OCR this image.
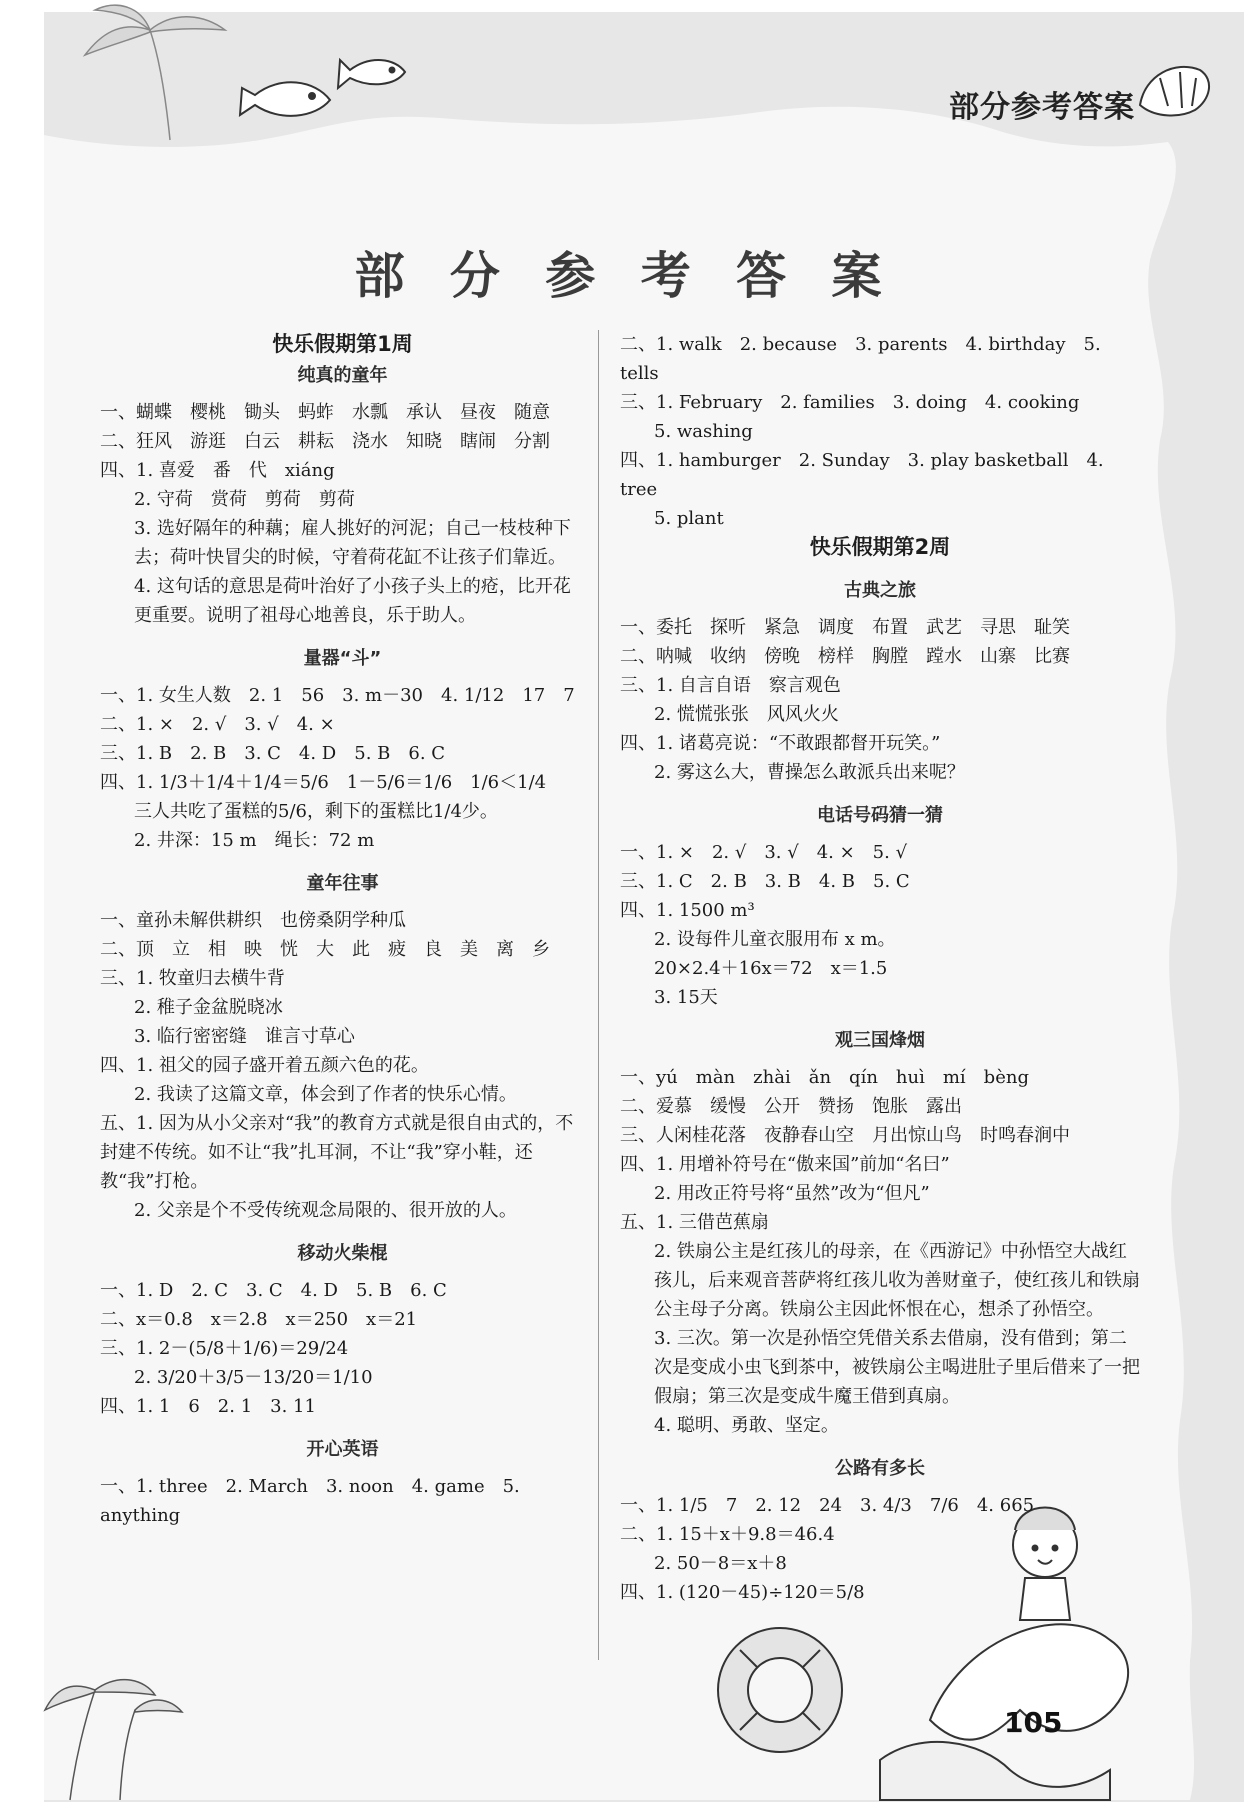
部分参考答案
部 分 参 考 答 案
快乐假期第1周
纯真的童年
一、蝴蝶　樱桃　锄头　蚂蚱　水瓢　承认　昼夜　随意
二、狂风　游逛　白云　耕耘　浇水　知晓　瞎闹　分割
四、1. 喜爱　番　代　xiáng
2. 守荷　赏荷　剪荷　剪荷
3. 选好隔年的种藕；雇人挑好的河泥；自己一枝枝种下去；荷叶快冒尖的时候，守着荷花缸不让孩子们靠近。
4. 这句话的意思是荷叶治好了小孩子头上的疮，比开花更重要。说明了祖母心地善良，乐于助人。
量器“斗”
一、1. 女生人数　2. 1　56　3. m－30　4. 1/12　17　7
二、1. ×　2. √　3. √　4. ×
三、1. B　2. B　3. C　4. D　5. B　6. C
四、1. 1/3＋1/4＋1/4＝5/6　1－5/6＝1/6　1/6＜1/4
三人共吃了蛋糕的5/6，剩下的蛋糕比1/4少。
2. 井深：15 m　绳长：72 m
童年往事
一、童孙未解供耕织　也傍桑阴学种瓜
二、顶　立　相　映　恍　大　此　疲　良　美　离　乡
三、1. 牧童归去横牛背
2. 稚子金盆脱晓冰
3. 临行密密缝　谁言寸草心
四、1. 祖父的园子盛开着五颜六色的花。
2. 我读了这篇文章，体会到了作者的快乐心情。
五、1. 因为从小父亲对“我”的教育方式就是很自由式的，不封建不传统。如不让“我”扎耳洞，不让“我”穿小鞋，还教“我”打枪。
2. 父亲是个不受传统观念局限的、很开放的人。
移动火柴棍
一、1. D　2. C　3. C　4. D　5. B　6. C
二、x＝0.8　x＝2.8　x＝250　x＝21
三、1. 2－(5/8＋1/6)＝29/24
2. 3/20＋3/5－13/20＝1/10
四、1. 1　6　2. 1　3. 11
开心英语
一、1. three　2. March　3. noon　4. game　5. anything
二、1. walk　2. because　3. parents　4. birthday　5. tells
三、1. February　2. families　3. doing　4. cooking
5. washing
四、1. hamburger　2. Sunday　3. play basketball　4. tree
5. plant
快乐假期第2周
古典之旅
一、委托　探听　紧急　调度　布置　武艺　寻思　耻笑
二、呐喊　收纳　傍晚　榜样　胸膛　蹚水　山寨　比赛
三、1. 自言自语　察言观色
2. 慌慌张张　风风火火
四、1. 诸葛亮说：“不敢跟都督开玩笑。”
2. 雾这么大，曹操怎么敢派兵出来呢？
电话号码猜一猜
一、1. ×　2. √　3. √　4. ×　5. √
三、1. C　2. B　3. B　4. B　5. C
四、1. 1500 m³
2. 设每件儿童衣服用布 x m。
20×2.4＋16x＝72　x＝1.5
3. 15天
观三国烽烟
一、yú　màn　zhài　ǎn　qín　huì　mí　bèng
二、爱慕　缓慢　公开　赞扬　饱胀　露出
三、人闲桂花落　夜静春山空　月出惊山鸟　时鸣春涧中
四、1. 用增补符号在“傲来国”前加“名曰”
2. 用改正符号将“虽然”改为“但凡”
五、1. 三借芭蕉扇
2. 铁扇公主是红孩儿的母亲，在《西游记》中孙悟空大战红孩儿，后来观音菩萨将红孩儿收为善财童子，使红孩儿和铁扇公主母子分离。铁扇公主因此怀恨在心，想杀了孙悟空。
3. 三次。第一次是孙悟空凭借关系去借扇，没有借到；第二次是变成小虫飞到茶中，被铁扇公主喝进肚子里后借来了一把假扇；第三次是变成牛魔王借到真扇。
4. 聪明、勇敢、坚定。
公路有多长
一、1. 1/5　7　2. 12　24　3. 4/3　7/6　4. 665
二、1. 15＋x＋9.8＝46.4
2. 50－8＝x＋8
四、1. (120－45)÷120＝5/8
105
